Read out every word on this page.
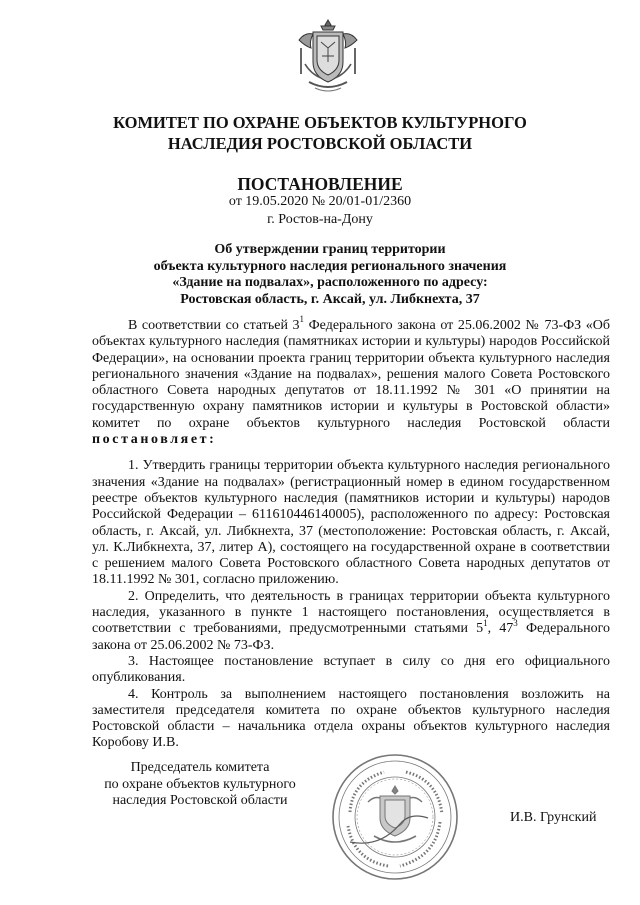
КОМИТЕТ ПО ОХРАНЕ ОБЪЕКТОВ КУЛЬТУРНОГО
НАСЛЕДИЯ РОСТОВСКОЙ ОБЛАСТИ
ПОСТАНОВЛЕНИЕ
от 19.05.2020 № 20/01-01/2360
г. Ростов-на-Дону
Об утверждении границ территории
объекта культурного наследия регионального значения
«Здание на подвалах», расположенного по адресу:
Ростовская область, г. Аксай, ул. Либкнехта, 37

В соответствии со статьей $3^1$ Федерального закона от 25.06.2002 № 73-ФЗ «Об объектах культурного наследия (памятниках истории и культуры) народов Российской Федерации», на основании проекта границ территории объекта культурного наследия регионального значения «Здание на подвалах», решения малого Совета Ростовского областного Совета народных депутатов от 18.11.1992 № 301 «О принятии на государственную охрану памятников истории и культуры в Ростовской области» комитет по охране объектов культурного наследия Ростовской области постановляет:

1. Утвердить границы территории объекта культурного наследия регионального значения «Здание на подвалах» (регистрационный номер в едином государственном реестре объектов культурного наследия (памятников истории и культуры) народов Российской Федерации – 611610446140005), расположенного по адресу: Ростовская область, г. Аксай, ул. Либкнехта, 37 (местоположение: Ростовская область, г. Аксай, ул. К.Либкнехта, 37, литер А), состоящего на государственной охране в соответствии с решением малого Совета Ростовского областного Совета народных депутатов от 18.11.1992 № 301, согласно приложению.

2. Определить, что деятельность в границах территории объекта культурного наследия, указанного в пункте 1 настоящего постановления, осуществляется в соответствии с требованиями, предусмотренными статьями $5^1$, $47^3$ Федерального закона от 25.06.2002 № 73-ФЗ.

3. Настоящее постановление вступает в силу со дня его официального опубликования.

4. Контроль за выполнением настоящего постановления возложить на заместителя председателя комитета по охране объектов культурного наследия Ростовской области – начальника отдела охраны объектов культурного наследия Коробову И.В.

Председатель комитета
по охране объектов культурного
наследия Ростовской области
И.В. Грунский
